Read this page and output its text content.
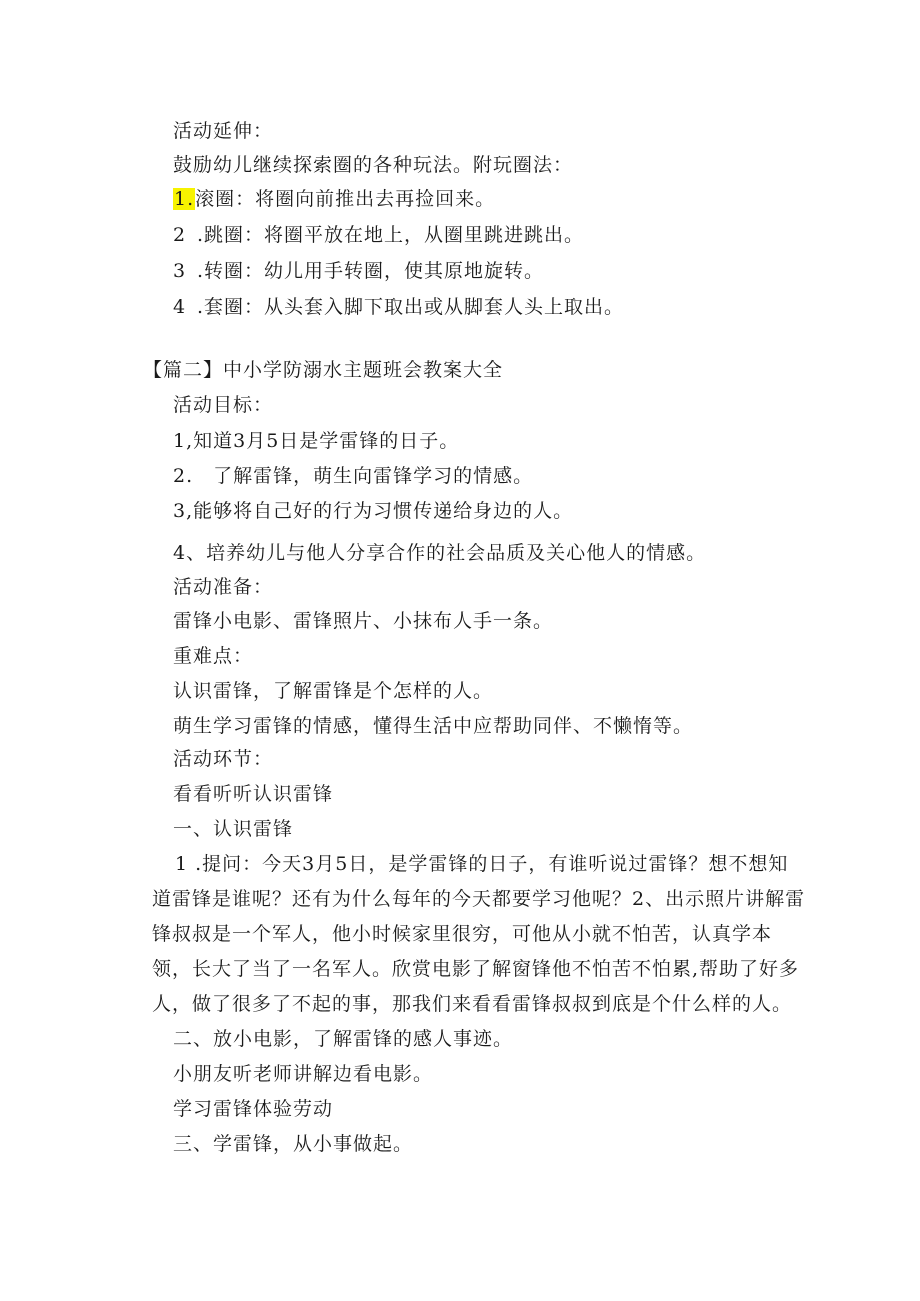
活动延伸：
鼓励幼儿继续探索圈的各种玩法。附玩圈法：
1.滚圈：将圈向前推出去再捡回来。
2 .跳圈：将圈平放在地上，从圈里跳进跳出。
3 .转圈：幼儿用手转圈，使其原地旋转。
4 .套圈：从头套入脚下取出或从脚套人头上取出。
【篇二】中小学防溺水主题班会教案大全
活动目标：
1,知道3月5日是学雷锋的日子。
2.　了解雷锋，萌生向雷锋学习的情感。
3,能够将自己好的行为习惯传递给身边的人。
4、培养幼儿与他人分享合作的社会品质及关心他人的情感。
活动准备：
雷锋小电影、雷锋照片、小抹布人手一条。
重难点：
认识雷锋，了解雷锋是个怎样的人。
萌生学习雷锋的情感，懂得生活中应帮助同伴、不懒惰等。
活动环节：
看看听听认识雷锋
一、认识雷锋
1 .提问：今天3月5日，是学雷锋的日子，有谁听说过雷锋？想不想知
道雷锋是谁呢？还有为什么每年的今天都要学习他呢？2、出示照片讲解雷
锋叔叔是一个军人，他小时候家里很穷，可他从小就不怕苦，认真学本
领，长大了当了一名军人。欣赏电影了解窗锋他不怕苦不怕累,帮助了好多
人，做了很多了不起的事，那我们来看看雷锋叔叔到底是个什么样的人。
二、放小电影，了解雷锋的感人事迹。
小朋友听老师讲解边看电影。
学习雷锋体验劳动
三、学雷锋，从小事做起。
